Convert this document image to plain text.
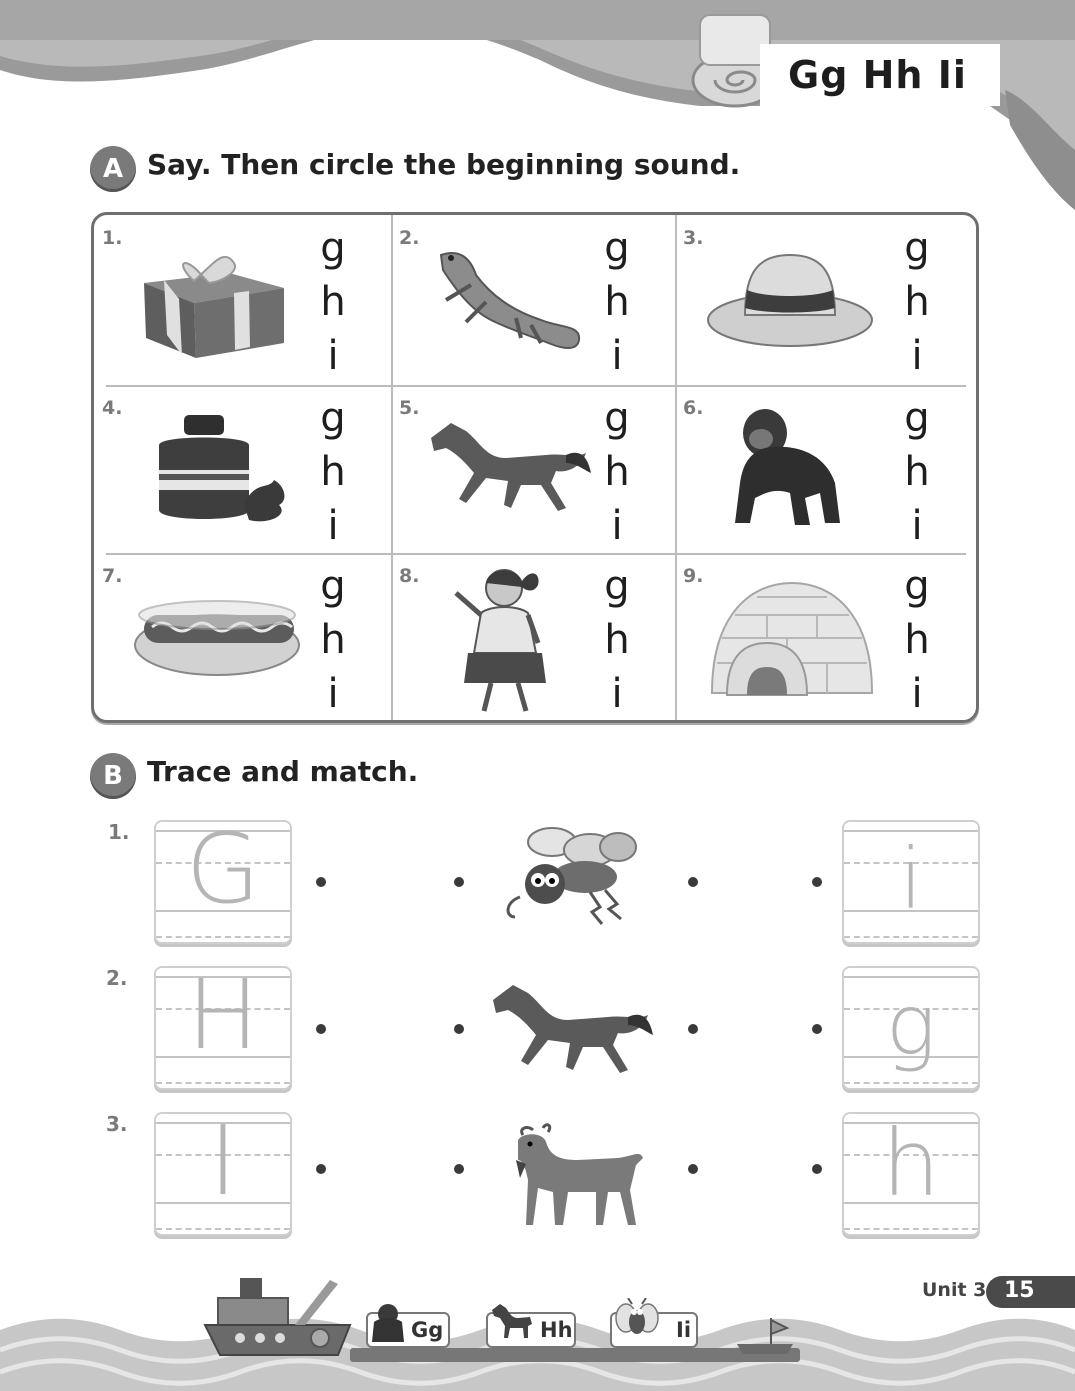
Gg Hh Ii
A Say. Then circle the beginning sound.
1.	g
h
i
2.	g
h
i
3.	g
h
i
4.	g
h
i
5.	g
h
i
6.	g
h
i
7.	g
h
i
8.	g
h
i
9.	g
h
i
B Trace and match.
1. G	i
2. H	g
3. I	h
Gg	Hh	Ii
Unit 3 15
